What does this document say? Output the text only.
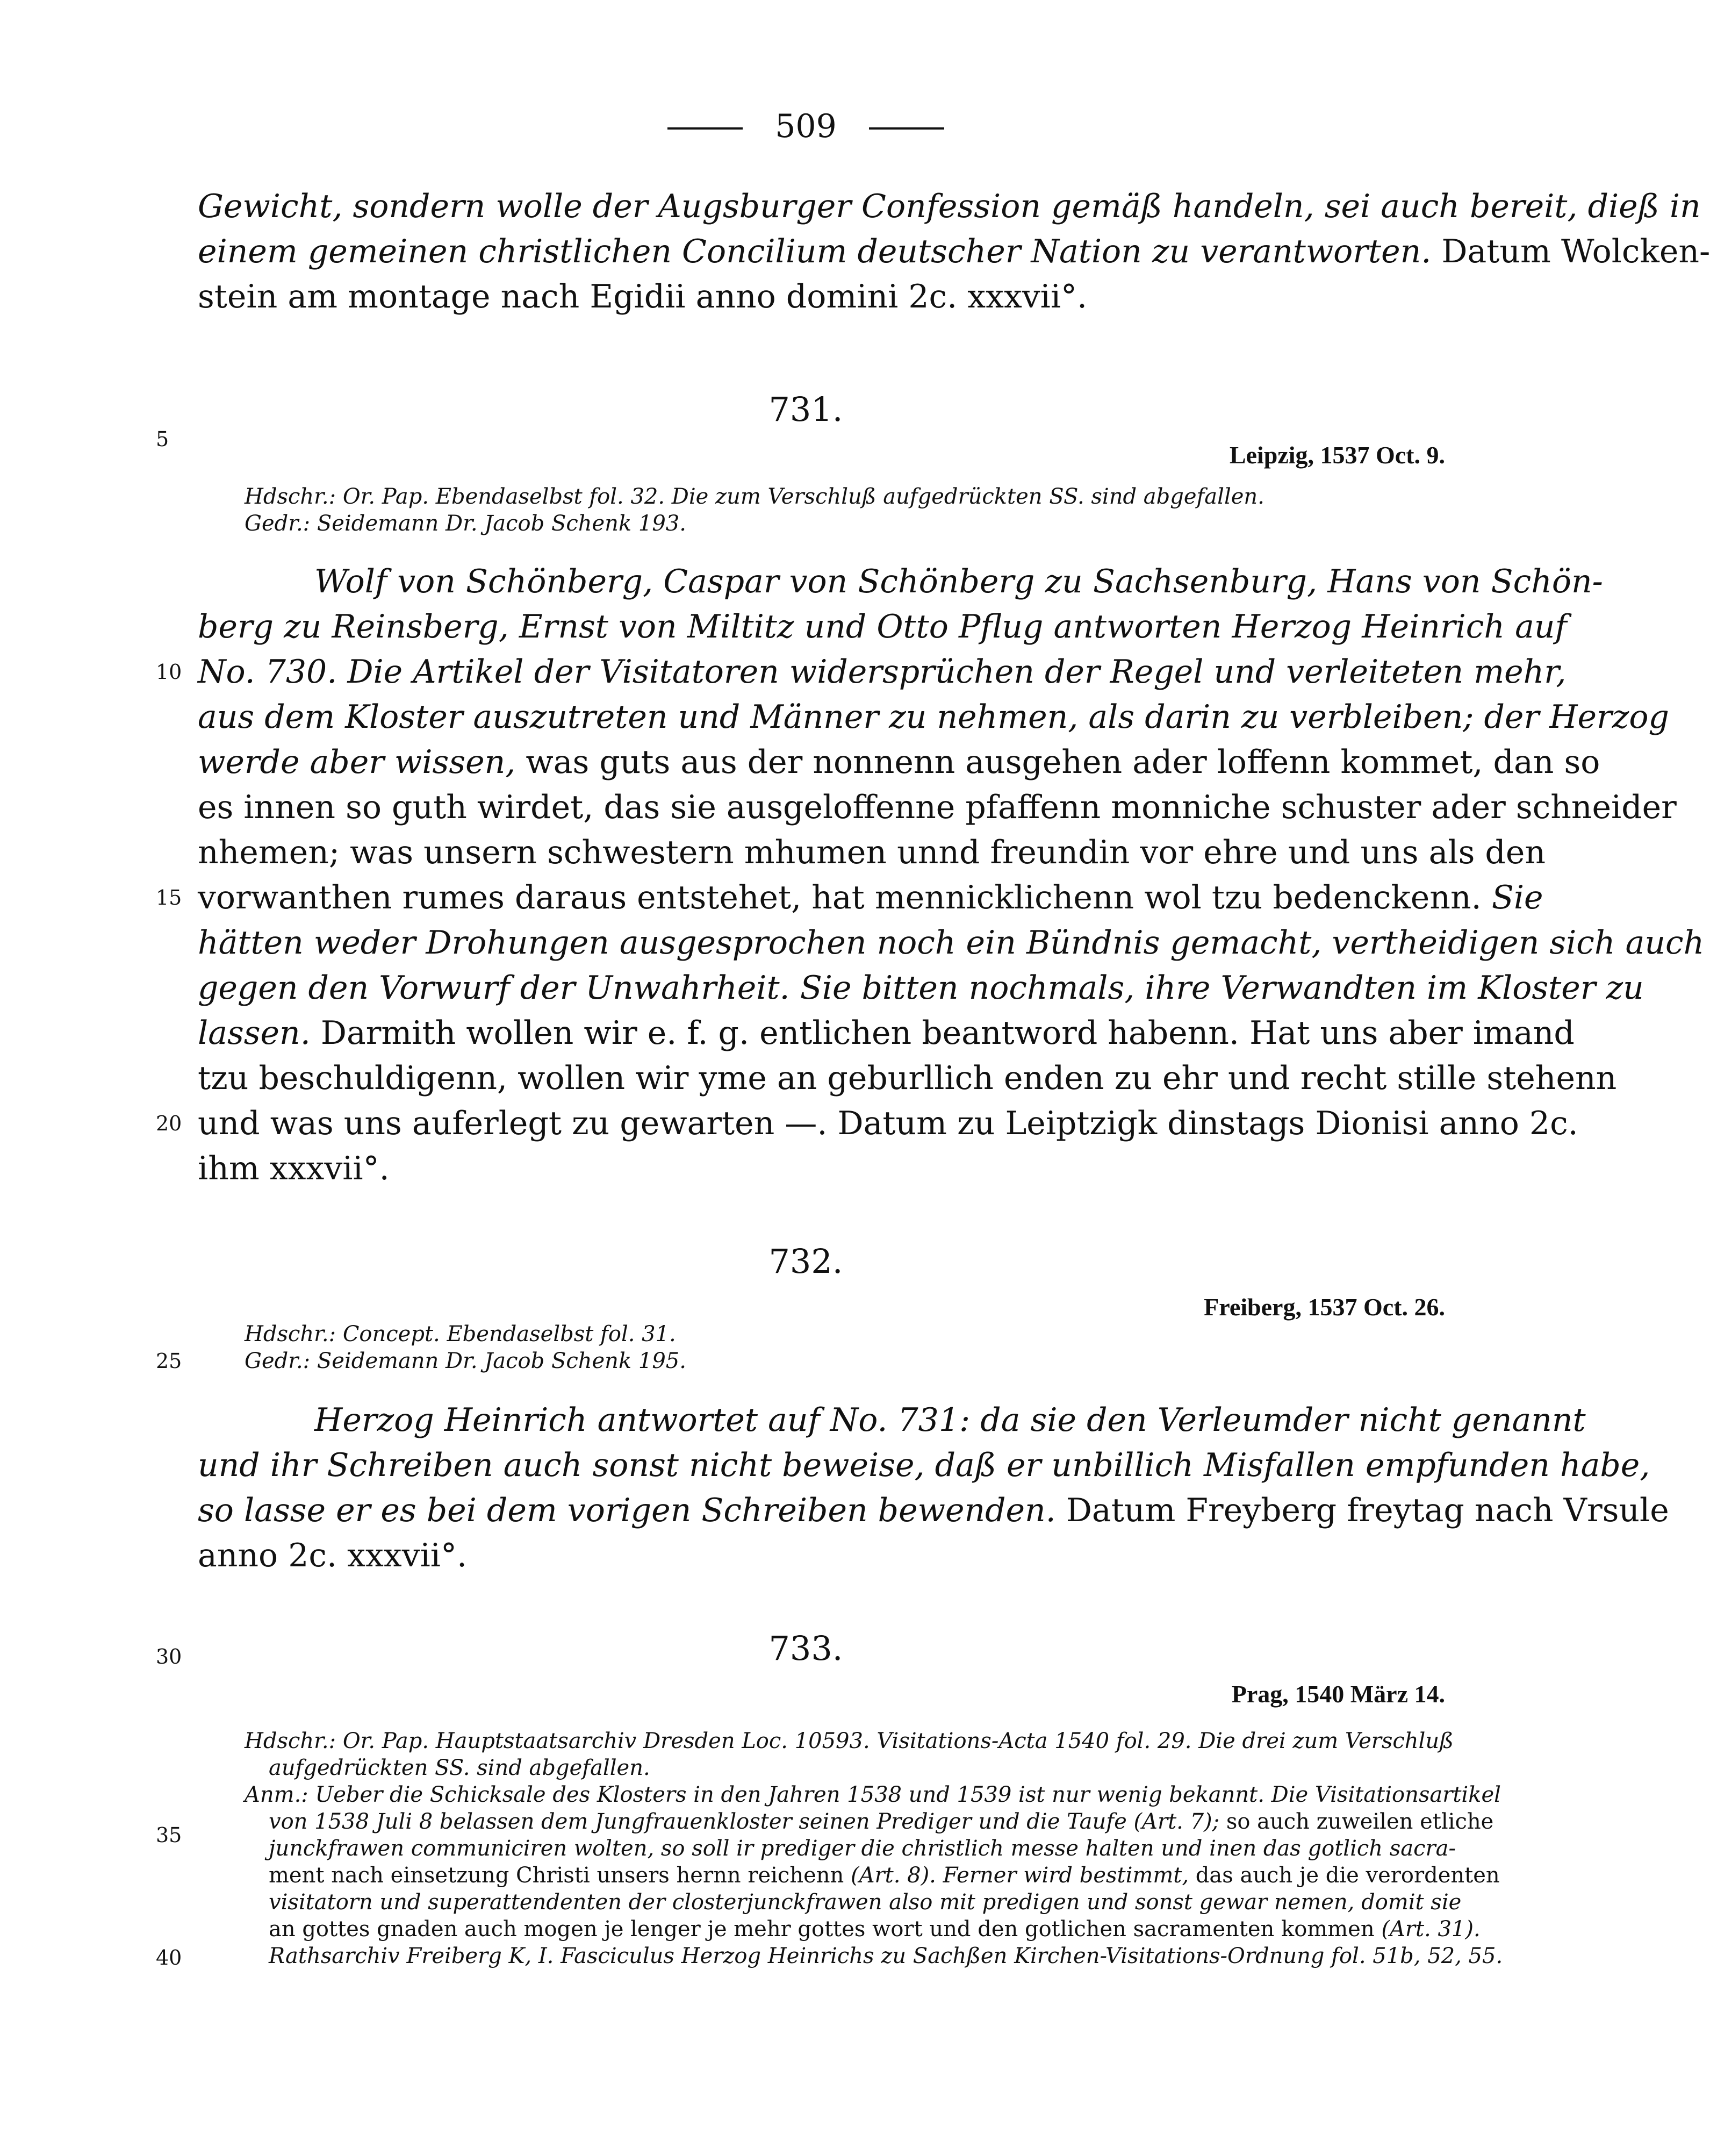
509
Gewicht, sondern wolle der Augsburger Confession gemäß handeln, sei auch bereit, dieß in
einem gemeinen christlichen Concilium deutscher Nation zu verantworten. Datum Wolcken-
stein am montage nach Egidii anno domini 2c. xxxvii°.
731.
5
Leipzig, 1537 Oct. 9.
Hdschr.: Or. Pap. Ebendaselbst fol. 32. Die zum Verschluß aufgedrückten SS. sind abgefallen.
Gedr.: Seidemann Dr. Jacob Schenk 193.
Wolf von Schönberg, Caspar von Schönberg zu Sachsenburg, Hans von Schön-
berg zu Reinsberg, Ernst von Miltitz und Otto Pflug antworten Herzog Heinrich auf
10 No. 730. Die Artikel der Visitatoren widersprüchen der Regel und verleiteten mehr,
aus dem Kloster auszutreten und Männer zu nehmen, als darin zu verbleiben; der Herzog
werde aber wissen, was guts aus der nonnenn ausgehen ader loffenn kommet, dan so
es innen so guth wirdet, das sie ausgeloffenne pfaffenn monniche schuster ader schneider
nhemen; was unsern schwestern mhumen unnd freundin vor ehre und uns als den
15 vorwanthen rumes daraus entstehet, hat mennicklichenn wol tzu bedenckenn. Sie
hätten weder Drohungen ausgesprochen noch ein Bündnis gemacht, vertheidigen sich auch
gegen den Vorwurf der Unwahrheit. Sie bitten nochmals, ihre Verwandten im Kloster zu
lassen. Darmith wollen wir e. f. g. entlichen beantword habenn. Hat uns aber imand
tzu beschuldigenn, wollen wir yme an geburllich enden zu ehr und recht stille stehenn
20 und was uns auferlegt zu gewarten —. Datum zu Leiptzigk dinstags Dionisi anno 2c.
ihm xxxvii°.
732.
Freiberg, 1537 Oct. 26.
Hdschr.: Concept. Ebendaselbst fol. 31.
25	Gedr.: Seidemann Dr. Jacob Schenk 195.
Herzog Heinrich antwortet auf No. 731: da sie den Verleumder nicht genannt
und ihr Schreiben auch sonst nicht beweise, daß er unbillich Misfallen empfunden habe,
so lasse er es bei dem vorigen Schreiben bewenden. Datum Freyberg freytag nach Vrsule
anno 2c. xxxvii°.
30	733.
Prag, 1540 März 14.
Hdschr.: Or. Pap. Hauptstaatsarchiv Dresden Loc. 10593. Visitations-Acta 1540 fol. 29. Die drei zum Verschluß
aufgedrückten SS. sind abgefallen.
Anm.: Ueber die Schicksale des Klosters in den Jahren 1538 und 1539 ist nur wenig bekannt. Die Visitationsartikel
35
von 1538 Juli 8 belassen dem Jungfrauenkloster seinen Prediger und die Taufe (Art. 7); so auch zuweilen etliche
junckfrawen communiciren wolten, so soll ir prediger die christlich messe halten und inen das gotlich sacra-
ment nach einsetzung Christi unsers hernn reichenn (Art. 8). Ferner wird bestimmt, das auch je die verordenten
visitatorn und superattendenten der closterjunckfrawen also mit predigen und sonst gewar nemen, domit sie
an gottes gnaden auch mogen je lenger je mehr gottes wort und den gotlichen sacramenten kommen (Art. 31).
40	Rathsarchiv Freiberg K, I. Fasciculus Herzog Heinrichs zu Sachßen Kirchen-Visitations-Ordnung fol. 51b, 52, 55.
